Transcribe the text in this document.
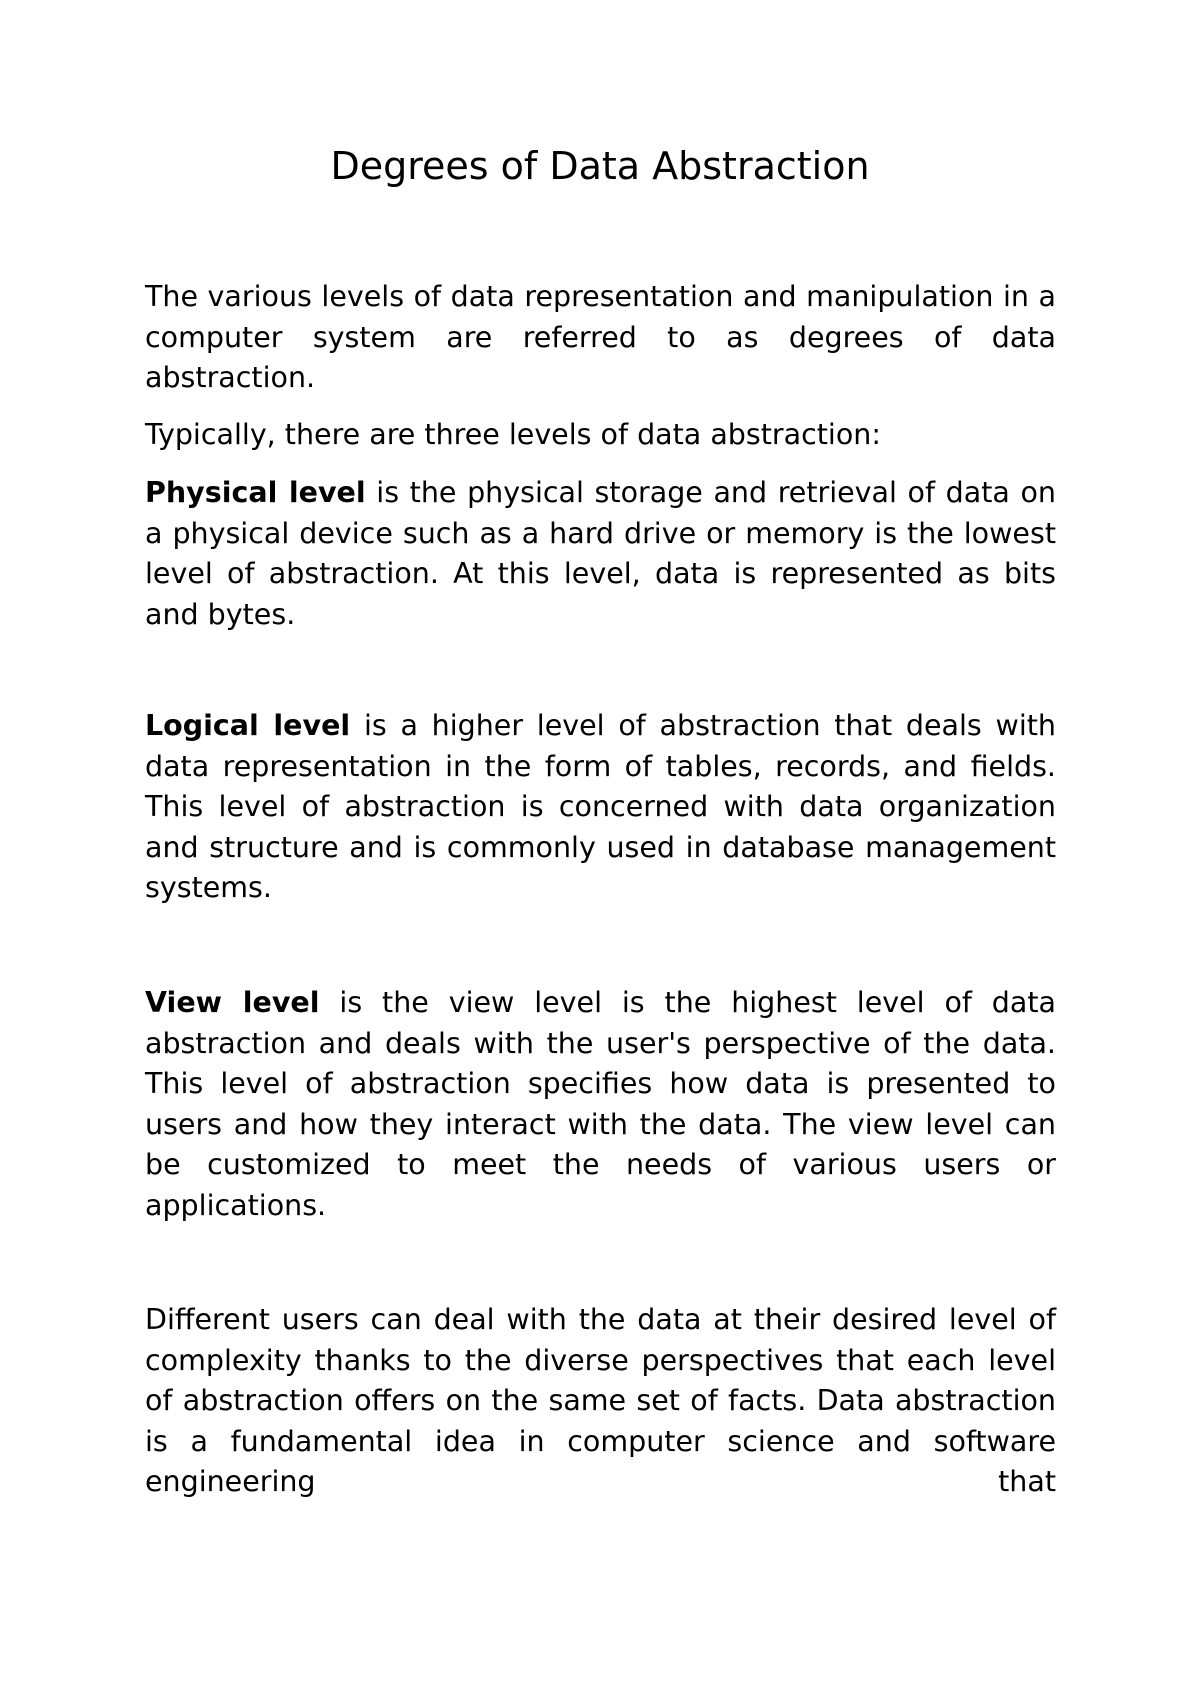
Degrees of Data Abstraction

The various levels of data representation and manipulation in a computer system are referred to as degrees of data abstraction.

Typically, there are three levels of data abstraction:

Physical level is the physical storage and retrieval of data on a physical device such as a hard drive or memory is the lowest level of abstraction. At this level, data is represented as bits and bytes.

Logical level is a higher level of abstraction that deals with data representation in the form of tables, records, and fields. This level of abstraction is concerned with data organization and structure and is commonly used in database management systems.

View level is the view level is the highest level of data abstraction and deals with the user's perspective of the data. This level of abstraction specifies how data is presented to users and how they interact with the data. The view level can be customized to meet the needs of various users or applications.

Different users can deal with the data at their desired level of complexity thanks to the diverse perspectives that each level of abstraction offers on the same set of facts. Data abstraction is a fundamental idea in computer science and software engineering that
